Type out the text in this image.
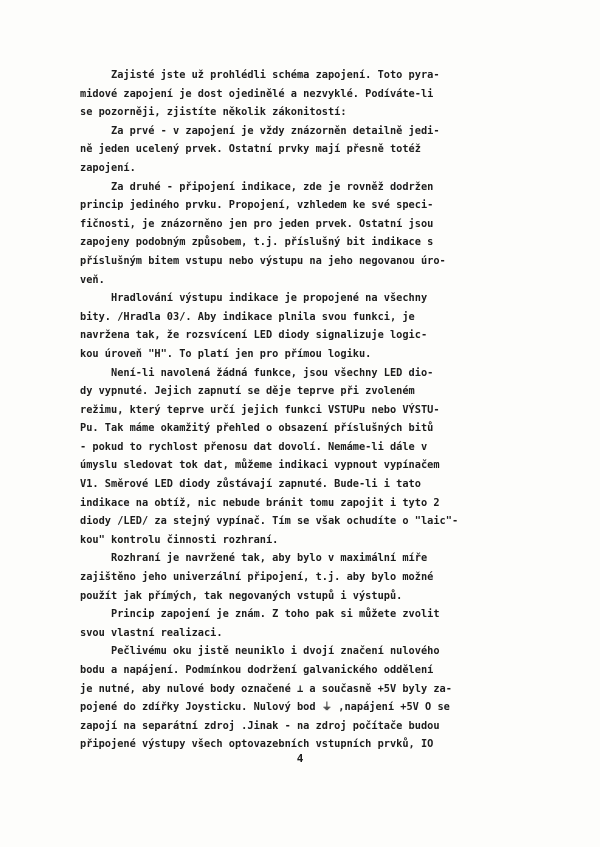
Zajisté jste už prohlédli schéma zapojení. Toto pyra-
midové zapojení je dost ojedinělé a nezvyklé. Podíváte-li
se pozorněji, zjistíte několik zákonitostí:
Za prvé - v zapojení je vždy znázorněn detailně jedi-
ně jeden ucelený prvek. Ostatní prvky mají přesně totéž
zapojení.
Za druhé - připojení indikace, zde je rovněž dodržen
princip jediného prvku. Propojení, vzhledem ke své speci-
fičnosti, je znázorněno jen pro jeden prvek. Ostatní jsou
zapojeny podobným způsobem, t.j. příslušný bit indikace s
příslušným bitem vstupu nebo výstupu na jeho negovanou úro-
veň.
Hradlování výstupu indikace je propojené na všechny
bity. /Hradla 03/. Aby indikace plnila svou funkci, je
navržena tak, že rozsvícení LED diody signalizuje logic-
kou úroveň "H". To platí jen pro přímou logiku.
Není-li navolená žádná funkce, jsou všechny LED dio-
dy vypnuté. Jejich zapnutí se děje teprve při zvoleném
režimu, který teprve určí jejich funkci VSTUPu nebo VÝSTU-
Pu. Tak máme okamžitý přehled o obsazení příslušných bitů
- pokud to rychlost přenosu dat dovolí. Nemáme-li dále v
úmyslu sledovat tok dat, můžeme indikaci vypnout vypínačem
V1. Směrové LED diody zůstávají zapnuté. Bude-li i tato
indikace na obtíž, nic nebude bránit tomu zapojit i tyto 2
diody /LED/ za stejný vypínač. Tím se však ochudíte o "laic"-
kou" kontrolu činnosti rozhraní.
Rozhraní je navržené tak, aby bylo v maximální míře
zajištěno jeho univerzální připojení, t.j. aby bylo možné
použít jak přímých, tak negovaných vstupů i výstupů.
Princip zapojení je znám. Z toho pak si můžete zvolit
svou vlastní realizaci.
Pečlivému oku jistě neuniklo i dvojí značení nulového
bodu a napájení. Podmínkou dodržení galvanického oddělení
je nutné, aby nulové body označené ⊥ a současně +5V byly za-
pojené do zdířky Joysticku. Nulový bod ⏚ ,napájení +5V O se
zapojí na separátní zdroj .Jinak - na zdroj počítače budou
připojené výstupy všech optovazebních vstupních prvků, IO
4
